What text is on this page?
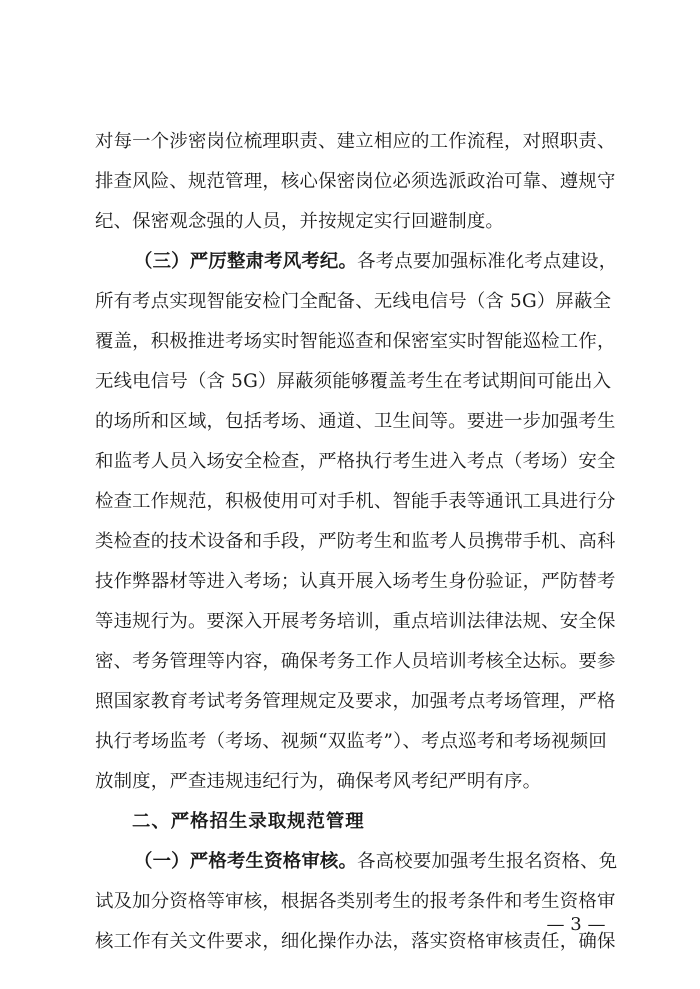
对每一个涉密岗位梳理职责、建立相应的工作流程，对照职责、
排查风险、规范管理，核心保密岗位必须选派政治可靠、遵规守
纪、保密观念强的人员，并按规定实行回避制度。
（三）严厉整肃考风考纪。各考点要加强标准化考点建设，
所有考点实现智能安检门全配备、无线电信号（含 5G）屏蔽全
覆盖，积极推进考场实时智能巡查和保密室实时智能巡检工作，
无线电信号（含 5G）屏蔽须能够覆盖考生在考试期间可能出入
的场所和区域，包括考场、通道、卫生间等。要进一步加强考生
和监考人员入场安全检查，严格执行考生进入考点（考场）安全
检查工作规范，积极使用可对手机、智能手表等通讯工具进行分
类检查的技术设备和手段，严防考生和监考人员携带手机、高科
技作弊器材等进入考场；认真开展入场考生身份验证，严防替考
等违规行为。要深入开展考务培训，重点培训法律法规、安全保
密、考务管理等内容，确保考务工作人员培训考核全达标。要参
照国家教育考试考务管理规定及要求，加强考点考场管理，严格
执行考场监考（考场、视频“双监考”）、考点巡考和考场视频回
放制度，严查违规违纪行为，确保考风考纪严明有序。
二、严格招生录取规范管理
（一）严格考生资格审核。各高校要加强考生报名资格、免
试及加分资格等审核，根据各类别考生的报考条件和考生资格审
核工作有关文件要求，细化操作办法，落实资格审核责任，确保
— 3 —
